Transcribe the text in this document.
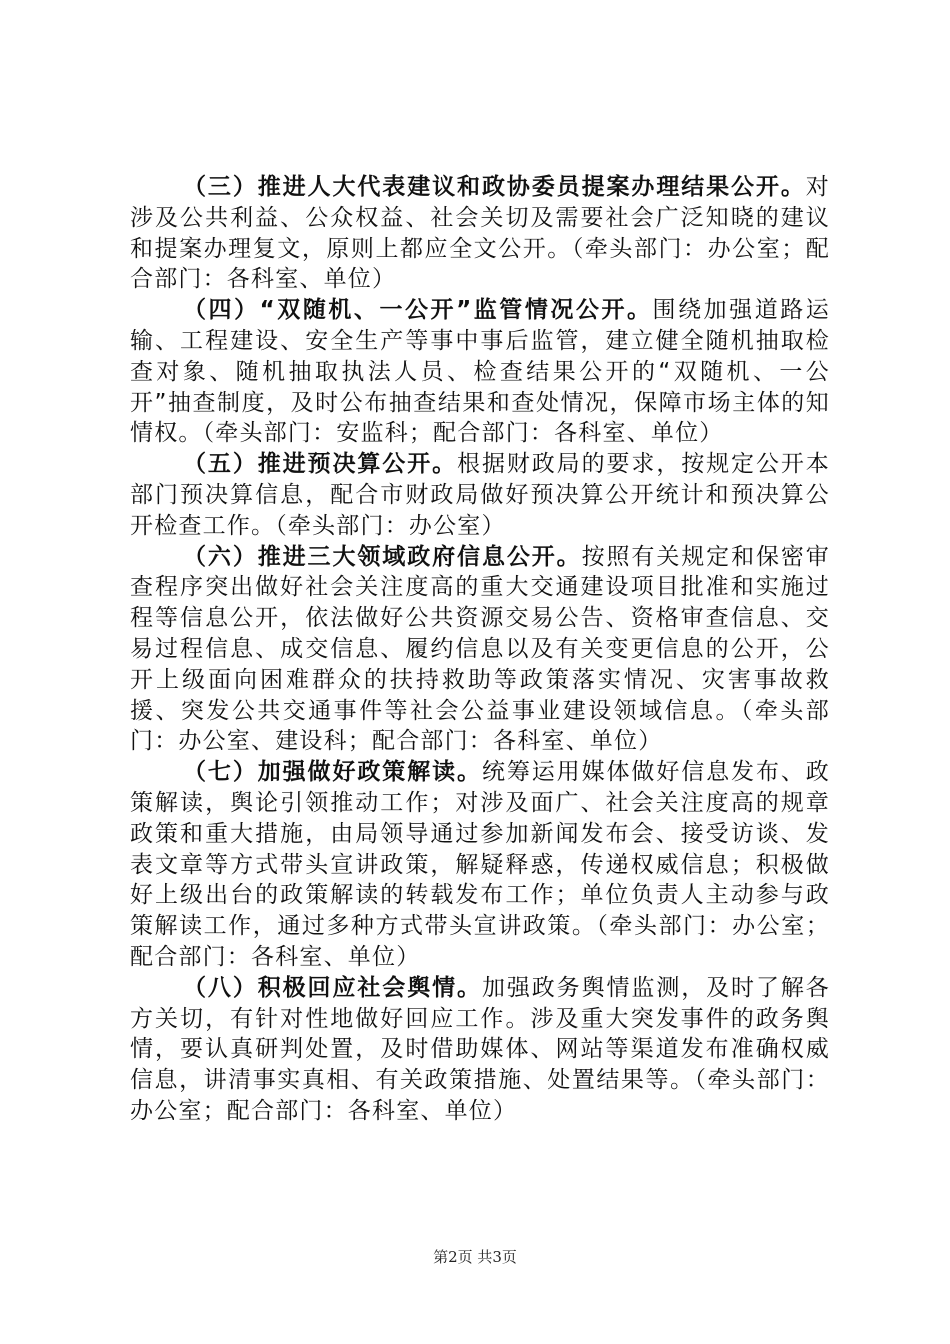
（三）推进人大代表建议和政协委员提案办理结果公开。对涉及公共利益、公众权益、社会关切及需要社会广泛知晓的建议和提案办理复文，原则上都应全文公开。（牵头部门：办公室；配合部门：各科室、单位）

（四）“双随机、一公开”监管情况公开。围绕加强道路运输、工程建设、安全生产等事中事后监管，建立健全随机抽取检查对象、随机抽取执法人员、检查结果公开的“双随机、一公开”抽查制度，及时公布抽查结果和查处情况，保障市场主体的知情权。（牵头部门：安监科；配合部门：各科室、单位）

（五）推进预决算公开。根据财政局的要求，按规定公开本部门预决算信息，配合市财政局做好预决算公开统计和预决算公开检查工作。（牵头部门：办公室）

（六）推进三大领域政府信息公开。按照有关规定和保密审查程序突出做好社会关注度高的重大交通建设项目批准和实施过程等信息公开，依法做好公共资源交易公告、资格审查信息、交易过程信息、成交信息、履约信息以及有关变更信息的公开，公开上级面向困难群众的扶持救助等政策落实情况、灾害事故救援、突发公共交通事件等社会公益事业建设领域信息。（牵头部门：办公室、建设科；配合部门：各科室、单位）

（七）加强做好政策解读。统筹运用媒体做好信息发布、政策解读，舆论引领推动工作；对涉及面广、社会关注度高的规章政策和重大措施，由局领导通过参加新闻发布会、接受访谈、发表文章等方式带头宣讲政策，解疑释惑，传递权威信息；积极做好上级出台的政策解读的转载发布工作；单位负责人主动参与政策解读工作，通过多种方式带头宣讲政策。（牵头部门：办公室；配合部门：各科室、单位）

（八）积极回应社会舆情。加强政务舆情监测，及时了解各方关切，有针对性地做好回应工作。涉及重大突发事件的政务舆情，要认真研判处置，及时借助媒体、网站等渠道发布准确权威信息，讲清事实真相、有关政策措施、处置结果等。（牵头部门：办公室；配合部门：各科室、单位）

第2页 共3页
